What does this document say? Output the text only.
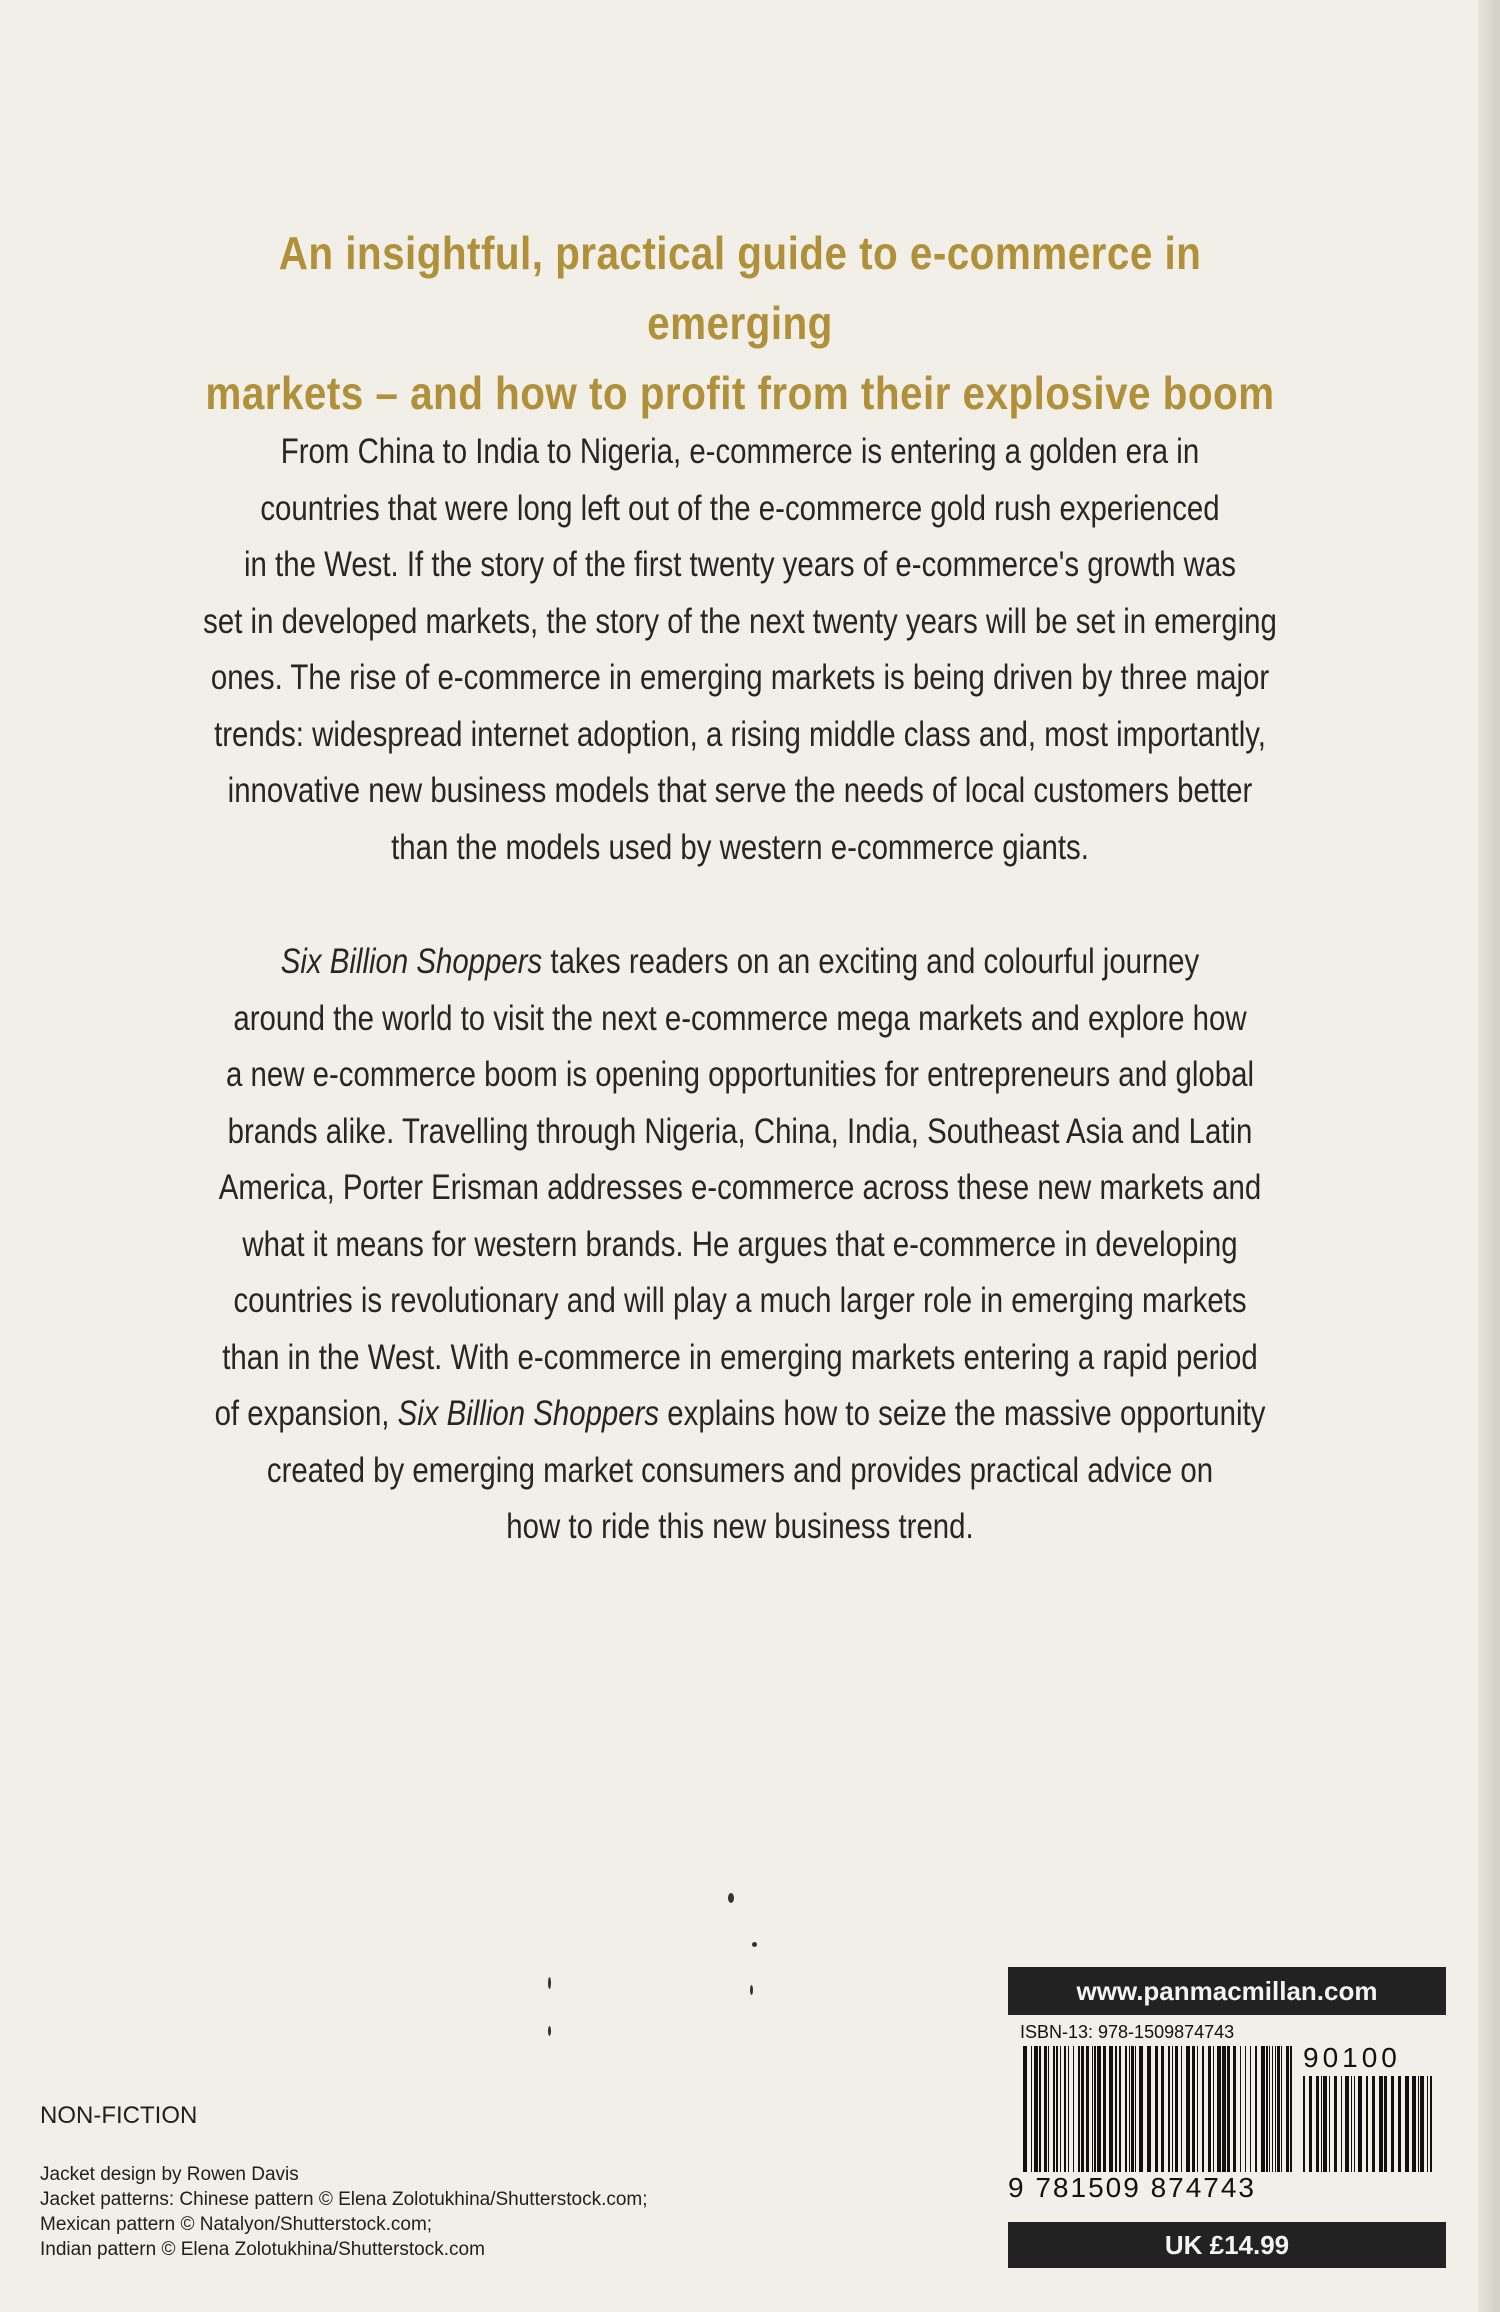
An insightful, practical guide to e-commerce in emerging
markets – and how to profit from their explosive boom
From China to India to Nigeria, e-commerce is entering a golden era in
countries that were long left out of the e-commerce gold rush experienced
in the West. If the story of the first twenty years of e-commerce's growth was
set in developed markets, the story of the next twenty years will be set in emerging
ones. The rise of e-commerce in emerging markets is being driven by three major
trends: widespread internet adoption, a rising middle class and, most importantly,
innovative new business models that serve the needs of local customers better
than the models used by western e-commerce giants.
Six Billion Shoppers takes readers on an exciting and colourful journey
around the world to visit the next e-commerce mega markets and explore how
a new e-commerce boom is opening opportunities for entrepreneurs and global
brands alike. Travelling through Nigeria, China, India, Southeast Asia and Latin
America, Porter Erisman addresses e-commerce across these new markets and
what it means for western brands. He argues that e-commerce in developing
countries is revolutionary and will play a much larger role in emerging markets
than in the West. With e-commerce in emerging markets entering a rapid period
of expansion, Six Billion Shoppers explains how to seize the massive opportunity
created by emerging market consumers and provides practical advice on
how to ride this new business trend.
NON-FICTION
Jacket design by Rowen Davis
Jacket patterns: Chinese pattern © Elena Zolotukhina/Shutterstock.com;
Mexican pattern © Natalyon/Shutterstock.com;
Indian pattern © Elena Zolotukhina/Shutterstock.com
www.panmacmillan.com
ISBN-13: 978-1509874743
90100
9 781509 874743
UK £14.99
